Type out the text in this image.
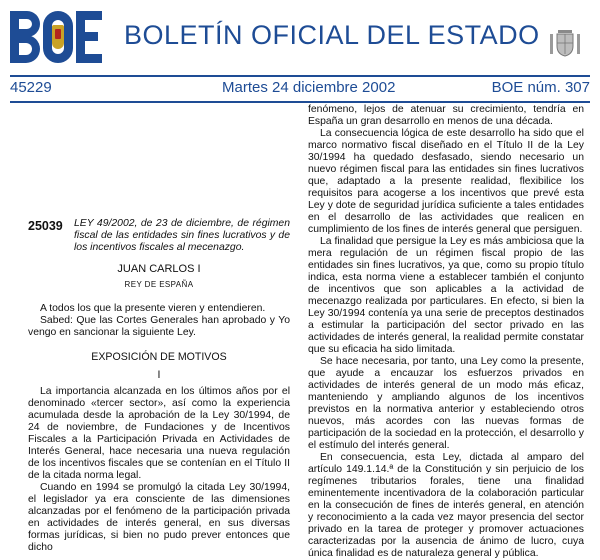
BOLETÍN OFICIAL DEL ESTADO
45229	Martes 24 diciembre 2002	BOE núm. 307
25039 LEY 49/2002, de 23 de diciembre, de régimen fiscal de las entidades sin fines lucrativos y de los incentivos fiscales al mecenazgo.
JUAN CARLOS I
REY DE ESPAÑA

A todos los que la presente vieren y entendieren.

Sabed: Que las Cortes Generales han aprobado y Yo vengo en sancionar la siguiente Ley.

EXPOSICIÓN DE MOTIVOS
I

La importancia alcanzada en los últimos años por el denominado «tercer sector», así como la experiencia acumulada desde la aprobación de la Ley 30/1994, de 24 de noviembre, de Fundaciones y de Incentivos Fiscales a la Participación Privada en Actividades de Interés General, hace necesaria una nueva regulación de los incentivos fiscales que se contenían en el Título II de la citada norma legal.

Cuando en 1994 se promulgó la citada Ley 30/1994, el legislador ya era consciente de las dimensiones alcanzadas por el fenómeno de la participación privada en actividades de interés general, en sus diversas formas jurídicas, si bien no pudo prever entonces que dicho

fenómeno, lejos de atenuar su crecimiento, tendría en España un gran desarrollo en menos de una década.

La consecuencia lógica de este desarrollo ha sido que el marco normativo fiscal diseñado en el Título II de la Ley 30/1994 ha quedado desfasado, siendo necesario un nuevo régimen fiscal para las entidades sin fines lucrativos que, adaptado a la presente realidad, flexibilice los requisitos para acogerse a los incentivos que prevé esta Ley y dote de seguridad jurídica suficiente a tales entidades en el desarrollo de las actividades que realicen en cumplimiento de los fines de interés general que persiguen.

La finalidad que persigue la Ley es más ambiciosa que la mera regulación de un régimen fiscal propio de las entidades sin fines lucrativos, ya que, como su propio título indica, esta norma viene a establecer también el conjunto de incentivos que son aplicables a la actividad de mecenazgo realizada por particulares. En efecto, si bien la Ley 30/1994 contenía ya una serie de preceptos destinados a estimular la participación del sector privado en las actividades de interés general, la realidad permite constatar que su eficacia ha sido limitada.

Se hace necesaria, por tanto, una Ley como la presente, que ayude a encauzar los esfuerzos privados en actividades de interés general de un modo más eficaz, manteniendo y ampliando algunos de los incentivos previstos en la normativa anterior y estableciendo otros nuevos, más acordes con las nuevas formas de participación de la sociedad en la protección, el desarrollo y el estímulo del interés general.

En consecuencia, esta Ley, dictada al amparo del artículo 149.1.14.ª de la Constitución y sin perjuicio de los regímenes tributarios forales, tiene una finalidad eminentemente incentivadora de la colaboración particular en la consecución de fines de interés general, en atención y reconocimiento a la cada vez mayor presencia del sector privado en la tarea de proteger y promover actuaciones caracterizadas por la ausencia de ánimo de lucro, cuya única finalidad es de naturaleza general y pública.
